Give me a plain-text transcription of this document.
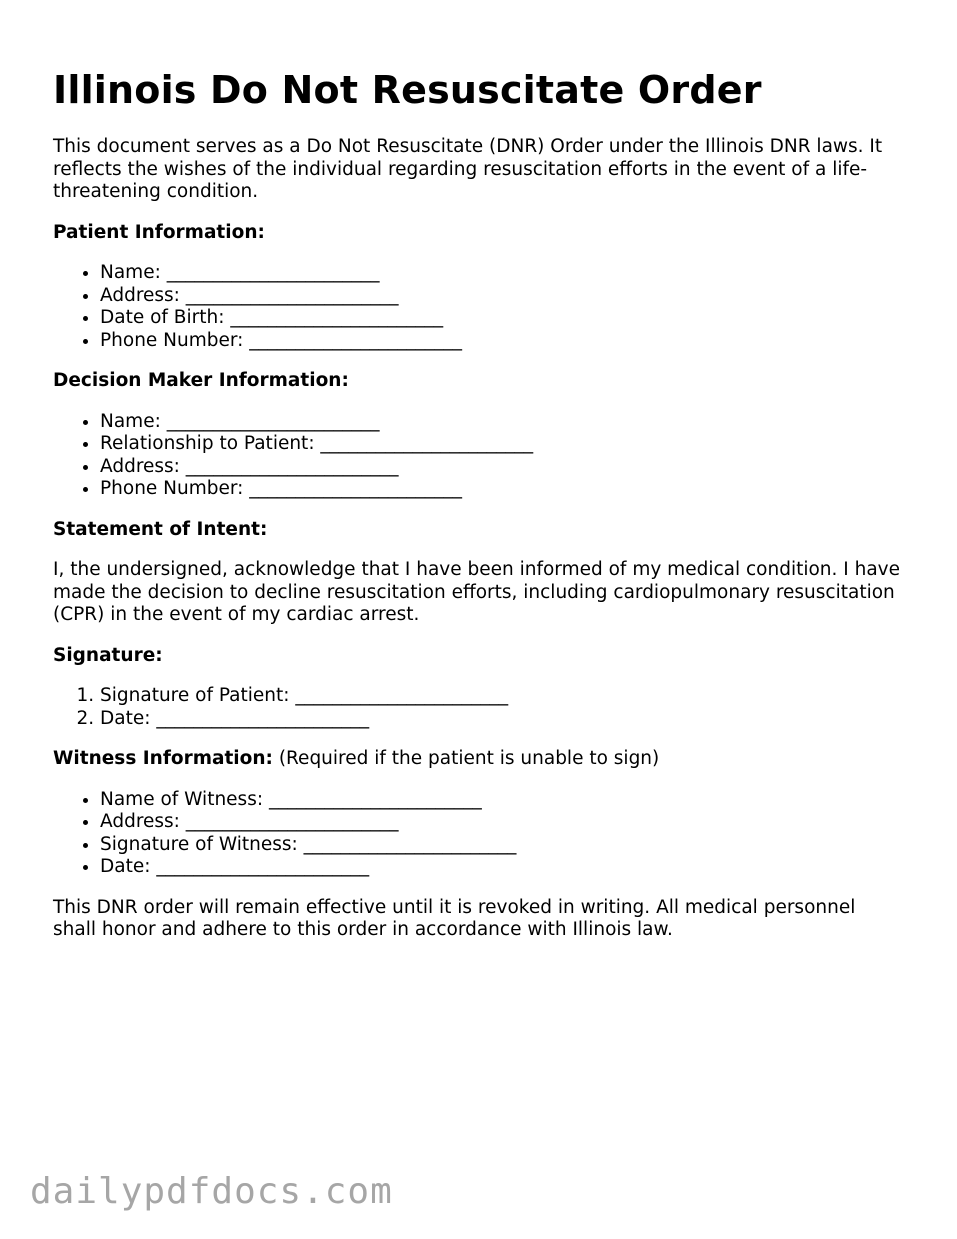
Illinois Do Not Resuscitate Order

This document serves as a Do Not Resuscitate (DNR) Order under the Illinois DNR laws. It reflects the wishes of the individual regarding resuscitation efforts in the event of a life-threatening condition.

Patient Information:
• Name: _______________________
• Address: _______________________
• Date of Birth: _______________________
• Phone Number: _______________________
Decision Maker Information:
• Name: _______________________
• Relationship to Patient: _______________________
• Address: _______________________
• Phone Number: _______________________
Statement of Intent:

I, the undersigned, acknowledge that I have been informed of my medical condition. I have made the decision to decline resuscitation efforts, including cardiopulmonary resuscitation (CPR) in the event of my cardiac arrest.

Signature:
1. Signature of Patient: _______________________
2. Date: _______________________
Witness Information: (Required if the patient is unable to sign)
• Name of Witness: _______________________
• Address: _______________________
• Signature of Witness: _______________________
• Date: _______________________

This DNR order will remain effective until it is revoked in writing. All medical personnel shall honor and adhere to this order in accordance with Illinois law.

dailypdfdocs.com
